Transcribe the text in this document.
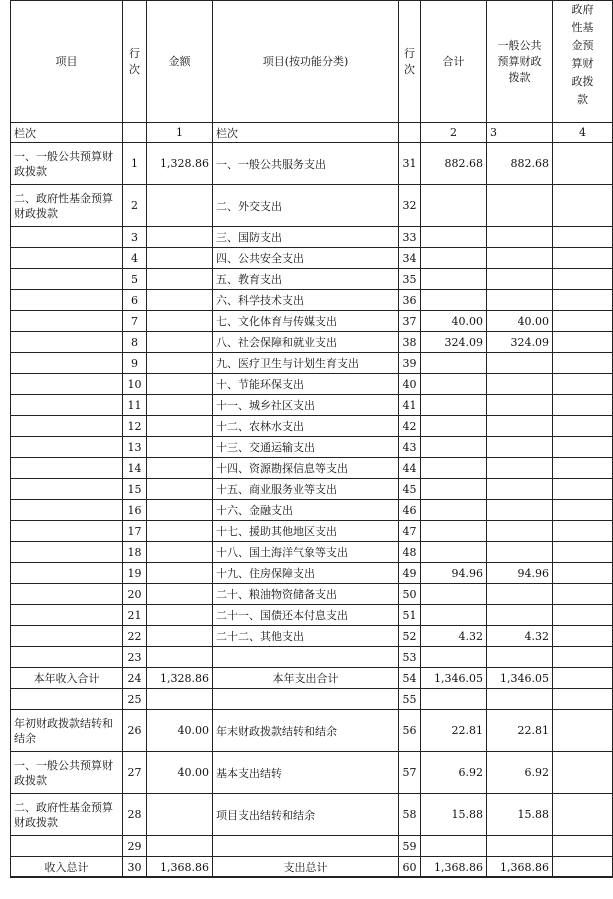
项目	行次	金额	项目(按功能分类)	行次	合计	一般公共预算财政拨款	政府性基金预算财政拨款
栏次		1	栏次		2	3	4
一、一般公共预算财政拨款	1	1,328.86	一、一般公共服务支出	31	882.68	882.68	
二、政府性基金预算财政拨款	2		二、外交支出	32			
	3		三、国防支出	33			
	4		四、公共安全支出	34			
	5		五、教育支出	35			
	6		六、科学技术支出	36			
	7		七、文化体育与传媒支出	37	40.00	40.00	
	8		八、社会保障和就业支出	38	324.09	324.09	
	9		九、医疗卫生与计划生育支出	39			
	10		十、节能环保支出	40			
	11		十一、城乡社区支出	41			
	12		十二、农林水支出	42			
	13		十三、交通运输支出	43			
	14		十四、资源勘探信息等支出	44			
	15		十五、商业服务业等支出	45			
	16		十六、金融支出	46			
	17		十七、援助其他地区支出	47			
	18		十八、国土海洋气象等支出	48			
	19		十九、住房保障支出	49	94.96	94.96	
	20		二十、粮油物资储备支出	50			
	21		二十一、国债还本付息支出	51			
	22		二十二、其他支出	52	4.32	4.32	
	23			53			
本年收入合计	24	1,328.86	本年支出合计	54	1,346.05	1,346.05	
	25			55			
年初财政拨款结转和结余	26	40.00	年末财政拨款结转和结余	56	22.81	22.81	
一、一般公共预算财政拨款	27	40.00	基本支出结转	57	6.92	6.92	
二、政府性基金预算财政拨款	28		项目支出结转和结余	58	15.88	15.88	
	29			59			
收入总计	30	1,368.86	支出总计	60	1,368.86	1,368.86	
